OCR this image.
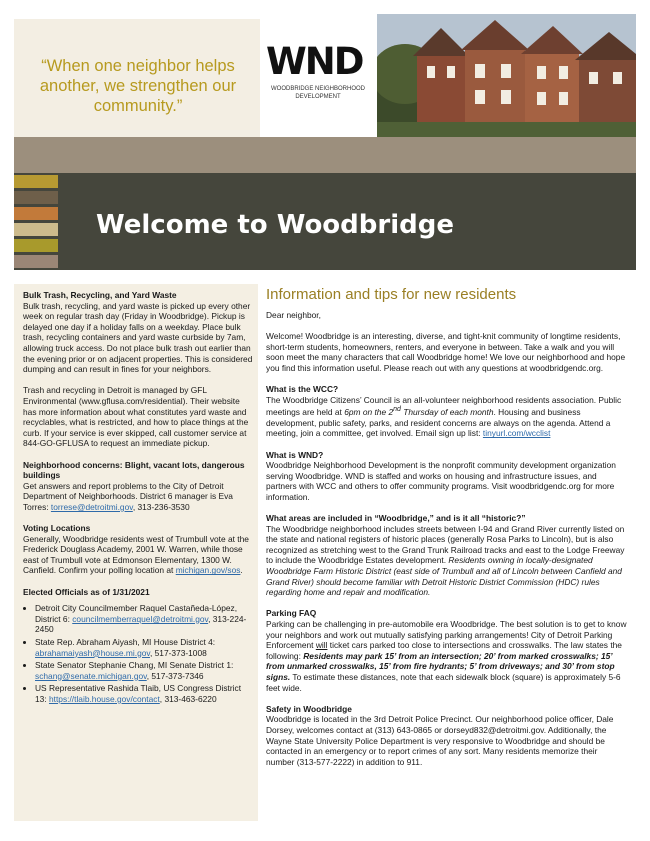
“When one neighbor helps another, we strengthen our community.”
WND
WOODBRIDGE NEIGHBORHOOD
DEVELOPMENT
Welcome to Woodbridge
Bulk Trash, Recycling, and Yard Waste

Bulk trash, recycling, and yard waste is picked up every other week on regular trash day (Friday in Woodbridge). Pickup is delayed one day if a holiday falls on a weekday. Place bulk trash, recycling containers and yard waste curbside by 7am, allowing truck access. Do not place bulk trash out earlier than the evening prior or on adjacent properties. This is considered dumping and can result in fines for your neighbors.

Trash and recycling in Detroit is managed by GFL Environmental (www.gflusa.com/residential). Their website has more information about what constitutes yard waste and recyclables, what is restricted, and how to place things at the curb. If your service is ever skipped, call customer service at 844-GO-GFLUSA to request an immediate pickup.

Neighborhood concerns: Blight, vacant lots, dangerous buildings

Get answers and report problems to the City of Detroit Department of Neighborhoods. District 6 manager is Eva Torres: torrese@detroitmi.gov, 313-236-3530

Voting Locations

Generally, Woodbridge residents west of Trumbull vote at the Frederick Douglass Academy, 2001 W. Warren, while those east of Trumbull vote at Edmonson Elementary, 1300 W. Canfield. Confirm your polling location at michigan.gov/sos.

Elected Officials as of 1/31/2021
• Detroit City Councilmember Raquel Castañeda-López, District 6: councilmemberraquel@detroitmi.gov, 313-224-2450
• State Rep. Abraham Aiyash, MI House District 4: abrahamaiyash@house.mi.gov, 517-373-1008
• State Senator Stephanie Chang, MI Senate District 1: schang@senate.michigan.gov, 517-373-7346
• US Representative Rashida Tlaib, US Congress District 13: https://tlaib.house.gov/contact, 313-463-6220
Information and tips for new residents

Dear neighbor,

Welcome! Woodbridge is an interesting, diverse, and tight-knit community of longtime residents, short-term students, homeowners, renters, and everyone in between. Take a walk and you will soon meet the many characters that call Woodbridge home! We love our neighborhood and hope you find this information useful. Please reach out with any questions at woodbridgendc.org.

What is the WCC?

The Woodbridge Citizens’ Council is an all-volunteer neighborhood residents association. Public meetings are held at 6pm on the 2nd Thursday of each month. Housing and business development, public safety, parks, and resident concerns are always on the agenda. Attend a meeting, join a committee, get involved. Email sign up list: tinyurl.com/wcclist

What is WND?

Woodbridge Neighborhood Development is the nonprofit community development organization serving Woodbridge. WND is staffed and works on housing and infrastructure issues, and partners with WCC and others to offer community programs. Visit woodbridgendc.org for more information.

What areas are included in “Woodbridge,” and is it all “historic?”

The Woodbridge neighborhood includes streets between I-94 and Grand River currently listed on the state and national registers of historic places (generally Rosa Parks to Lincoln), but is also recognized as stretching west to the Grand Trunk Railroad tracks and east to the Lodge Freeway to include the Woodbridge Estates development. Residents owning in locally-designated Woodbridge Farm Historic District (east side of Trumbull and all of Lincoln between Canfield and Grand River) should become familiar with Detroit Historic District Commission (HDC) rules regarding home and repair and modification.

Parking FAQ

Parking can be challenging in pre-automobile era Woodbridge. The best solution is to get to know your neighbors and work out mutually satisfying parking arrangements! City of Detroit Parking Enforcement will ticket cars parked too close to intersections and crosswalks. The law states the following: Residents may park 15’ from an intersection; 20’ from marked crosswalks; 15’ from unmarked crosswalks, 15’ from fire hydrants; 5’ from driveways; and 30’ from stop signs. To estimate these distances, note that each sidewalk block (square) is approximately 5-6 feet wide.

Safety in Woodbridge

Woodbridge is located in the 3rd Detroit Police Precinct. Our neighborhood police officer, Dale Dorsey, welcomes contact at (313) 643-0865 or dorseyd832@detroitmi.gov. Additionally, the Wayne State University Police Department is very responsive to Woodbridge and should be contacted in an emergency or to report crimes of any sort. Many residents memorize their number (313-577-2222) in addition to 911.
